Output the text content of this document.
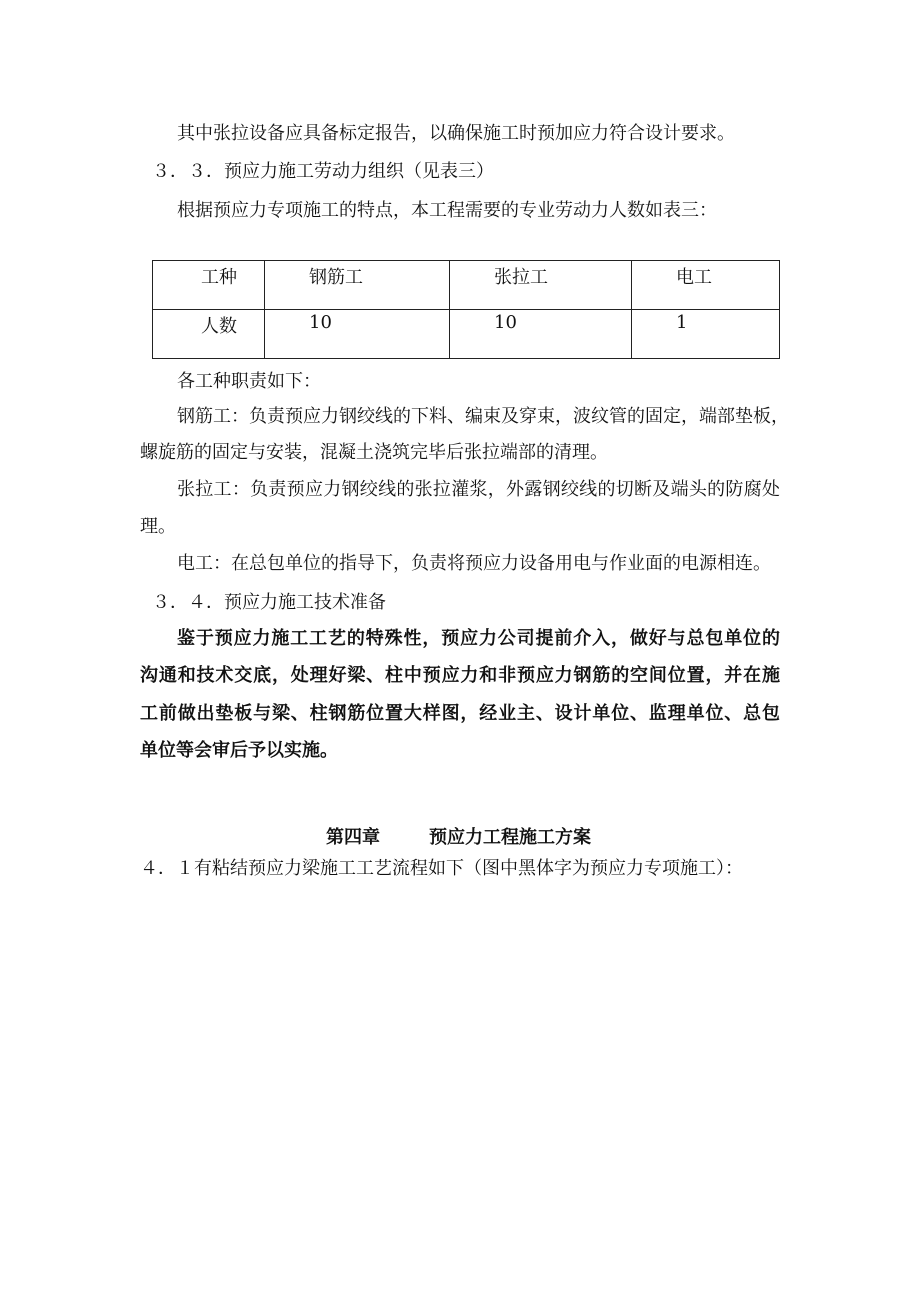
其中张拉设备应具备标定报告，以确保施工时预加应力符合设计要求。
３．３．预应力施工劳动力组织（见表三）
根据预应力专项施工的特点，本工程需要的专业劳动力人数如表三：
工种	钢筋工	张拉工	电工
人数	10	10	1
各工种职责如下：
钢筋工：负责预应力钢绞线的下料、编束及穿束，波纹管的固定，端部垫板，
螺旋筋的固定与安装，混凝土浇筑完毕后张拉端部的清理。
张拉工：负责预应力钢绞线的张拉灌浆，外露钢绞线的切断及端头的防腐处
理。
电工：在总包单位的指导下，负责将预应力设备用电与作业面的电源相连。
３．４．预应力施工技术准备
鉴于预应力施工工艺的特殊性，预应力公司提前介入，做好与总包单位的
沟通和技术交底，处理好梁、柱中预应力和非预应力钢筋的空间位置，并在施
工前做出垫板与梁、柱钢筋位置大样图，经业主、设计单位、监理单位、总包
单位等会审后予以实施。
第四章	预应力工程施工方案
４．１有粘结预应力梁施工工艺流程如下（图中黑体字为预应力专项施工）：
